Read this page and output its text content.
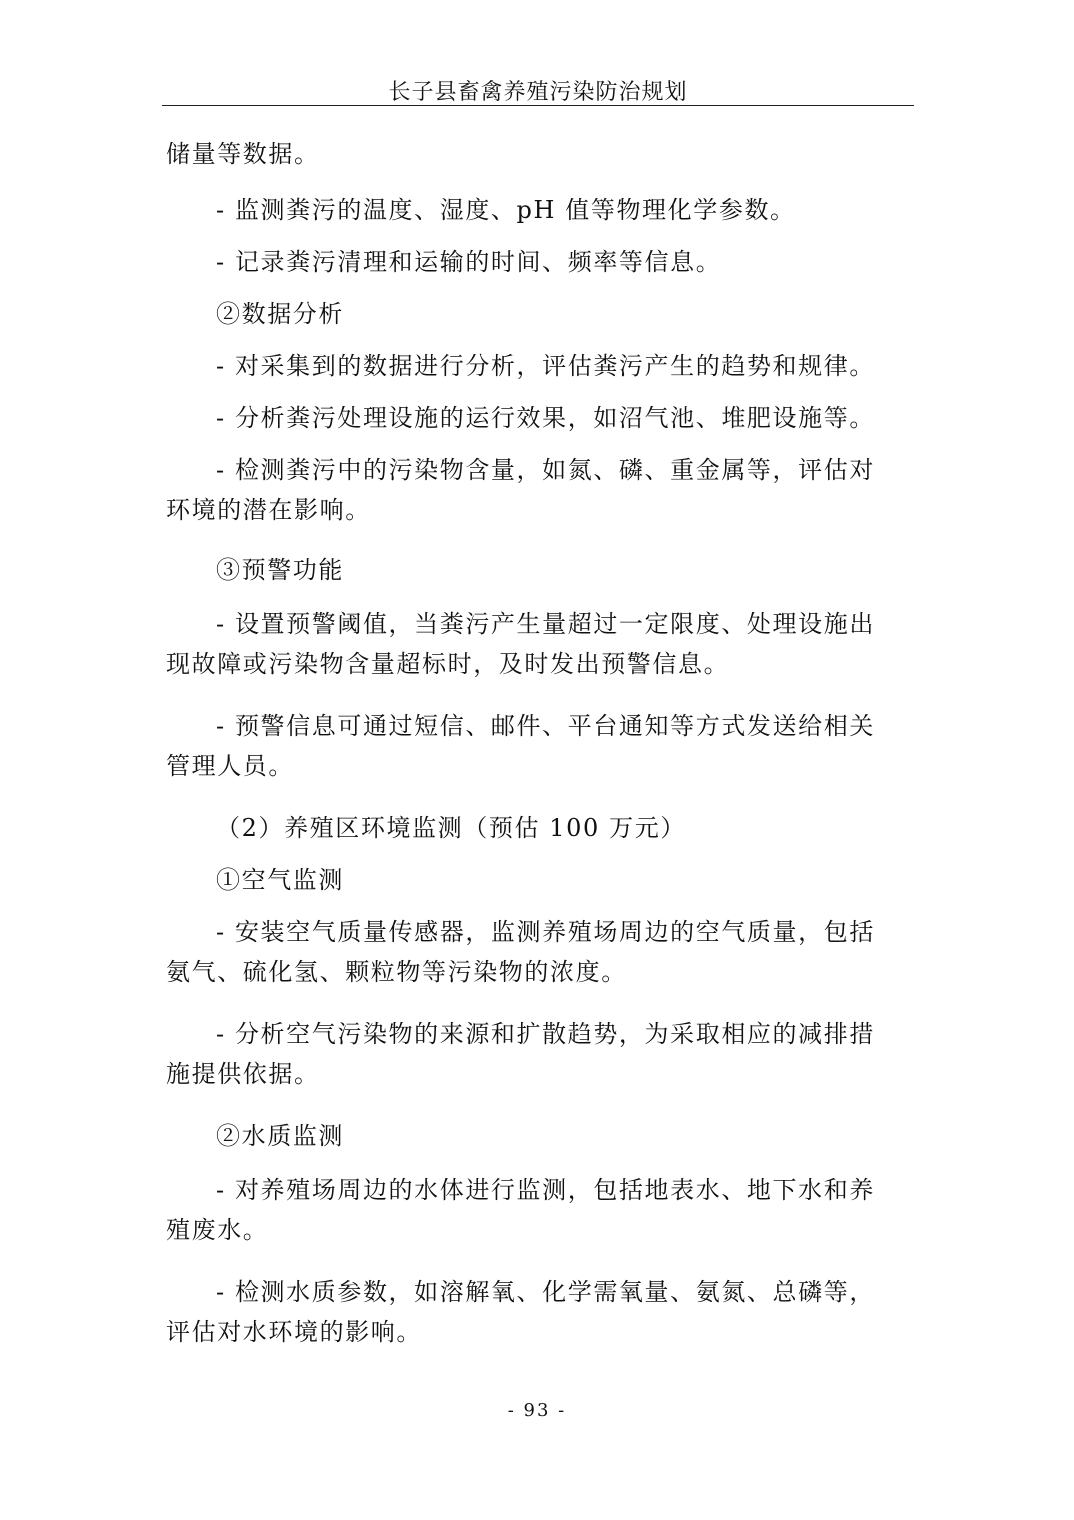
长子县畜禽养殖污染防治规划
储量等数据。
- 监测粪污的温度、湿度、pH 值等物理化学参数。
- 记录粪污清理和运输的时间、频率等信息。
②数据分析
- 对采集到的数据进行分析，评估粪污产生的趋势和规律。
- 分析粪污处理设施的运行效果，如沼气池、堆肥设施等。
- 检测粪污中的污染物含量，如氮、磷、重金属等，评估对
环境的潜在影响。
③预警功能
- 设置预警阈值，当粪污产生量超过一定限度、处理设施出
现故障或污染物含量超标时，及时发出预警信息。
- 预警信息可通过短信、邮件、平台通知等方式发送给相关
管理人员。
（2）养殖区环境监测（预估 100 万元）
①空气监测
- 安装空气质量传感器，监测养殖场周边的空气质量，包括
氨气、硫化氢、颗粒物等污染物的浓度。
- 分析空气污染物的来源和扩散趋势，为采取相应的减排措
施提供依据。
②水质监测
- 对养殖场周边的水体进行监测，包括地表水、地下水和养
殖废水。
- 检测水质参数，如溶解氧、化学需氧量、氨氮、总磷等，
评估对水环境的影响。
- 93 -
